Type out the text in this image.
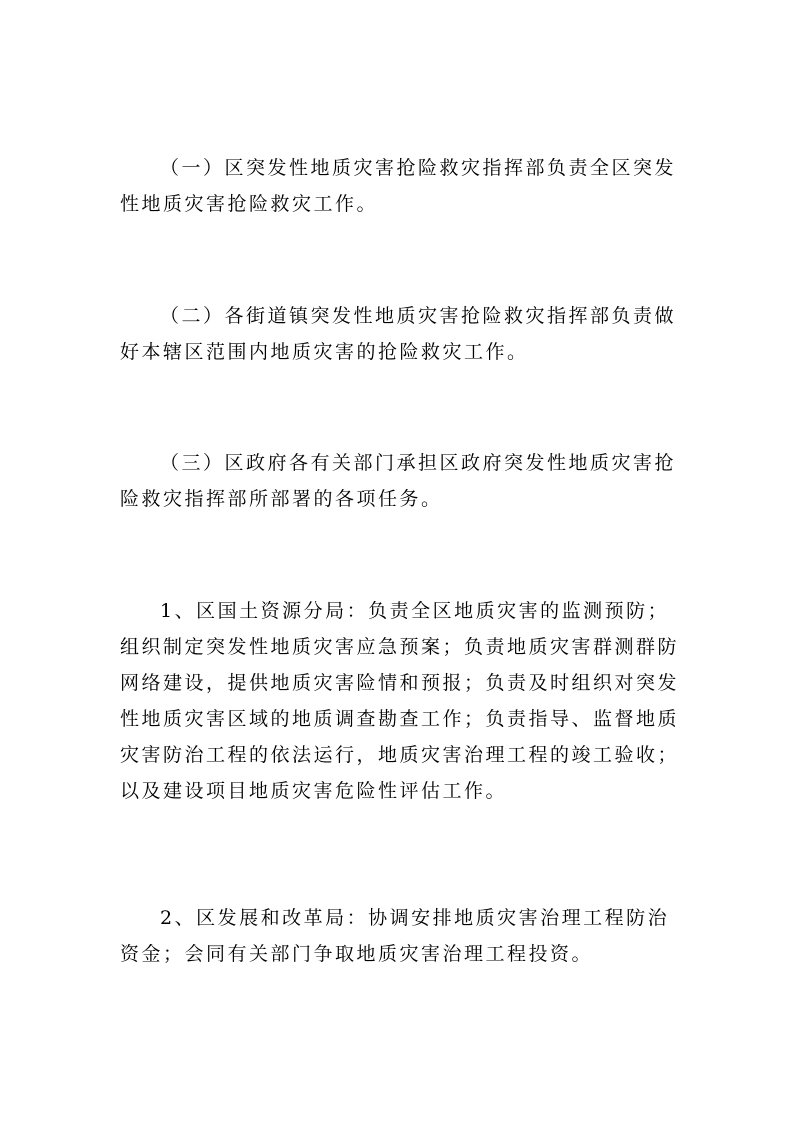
（一）区突发性地质灾害抢险救灾指挥部负责全区突发
性地质灾害抢险救灾工作。

（二）各街道镇突发性地质灾害抢险救灾指挥部负责做
好本辖区范围内地质灾害的抢险救灾工作。

（三）区政府各有关部门承担区政府突发性地质灾害抢
险救灾指挥部所部署的各项任务。

1、区国土资源分局：负责全区地质灾害的监测预防；
组织制定突发性地质灾害应急预案；负责地质灾害群测群防
网络建设，提供地质灾害险情和预报；负责及时组织对突发
性地质灾害区域的地质调查勘查工作；负责指导、监督地质
灾害防治工程的依法运行，地质灾害治理工程的竣工验收；
以及建设项目地质灾害危险性评估工作。

2、区发展和改革局：协调安排地质灾害治理工程防治
资金；会同有关部门争取地质灾害治理工程投资。
